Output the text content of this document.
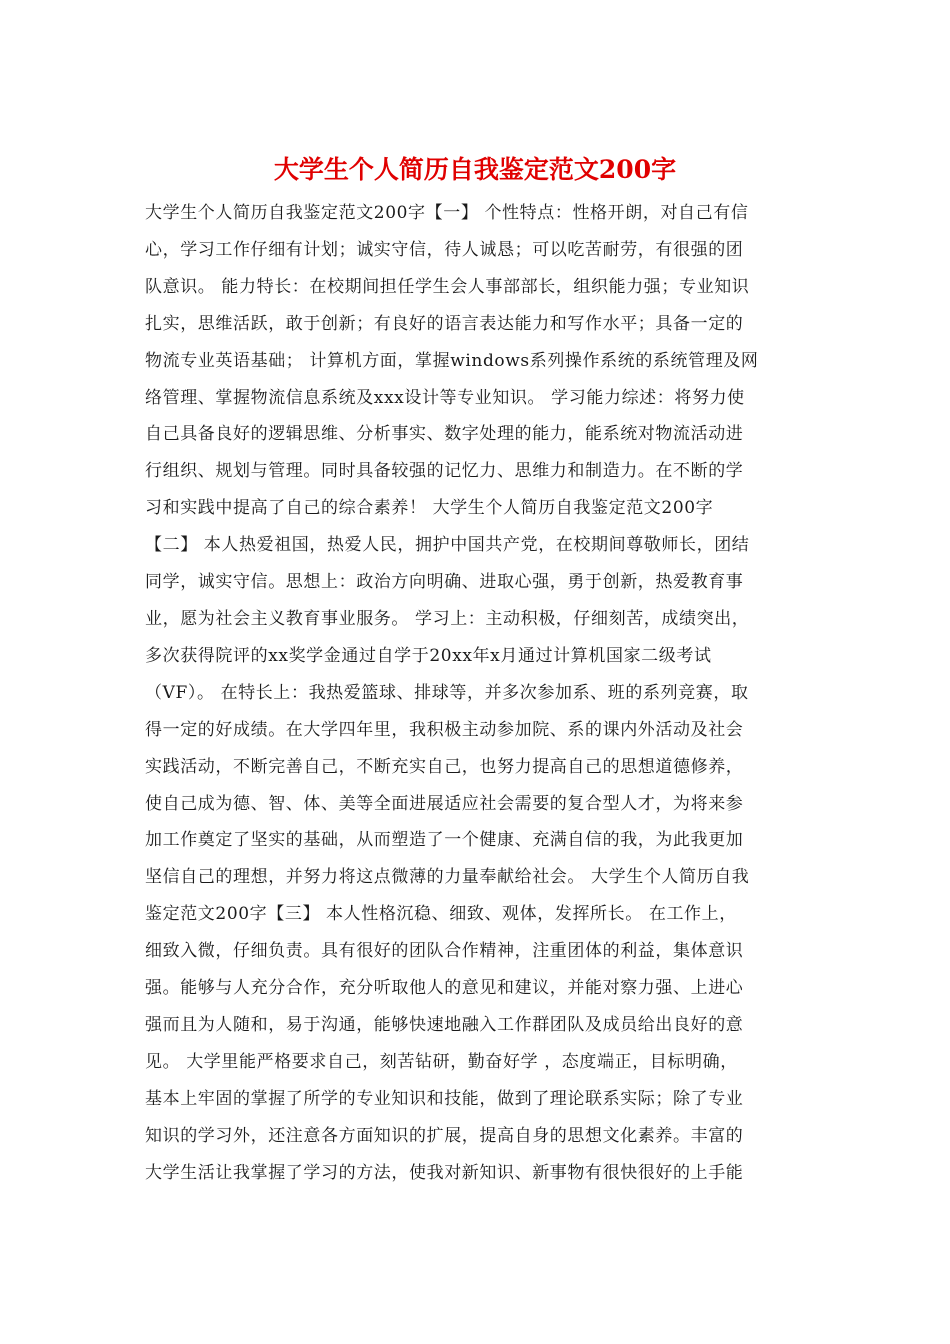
大学生个人简历自我鉴定范文200字
大学生个人简历自我鉴定范文200字【一】 个性特点：性格开朗，对自己有信
心，学习工作仔细有计划；诚实守信，待人诚恳；可以吃苦耐劳，有很强的团
队意识。 能力特长：在校期间担任学生会人事部部长，组织能力强；专业知识
扎实，思维活跃，敢于创新；有良好的语言表达能力和写作水平；具备一定的
物流专业英语基础； 计算机方面，掌握windows系列操作系统的系统管理及网
络管理、掌握物流信息系统及xxx设计等专业知识。 学习能力综述：将努力使
自己具备良好的逻辑思维、分析事实、数字处理的能力，能系统对物流活动进
行组织、规划与管理。同时具备较强的记忆力、思维力和制造力。在不断的学
习和实践中提高了自己的综合素养！ 大学生个人简历自我鉴定范文200字
【二】 本人热爱祖国，热爱人民，拥护中国共产党，在校期间尊敬师长，团结
同学，诚实守信。思想上：政治方向明确、进取心强，勇于创新，热爱教育事
业，愿为社会主义教育事业服务。 学习上：主动积极，仔细刻苦，成绩突出，
多次获得院评的xx奖学金通过自学于20xx年x月通过计算机国家二级考试
（VF）。 在特长上：我热爱篮球、排球等，并多次参加系、班的系列竞赛，取
得一定的好成绩。在大学四年里，我积极主动参加院、系的课内外活动及社会
实践活动，不断完善自己，不断充实自己，也努力提高自己的思想道德修养，
使自己成为德、智、体、美等全面进展适应社会需要的复合型人才，为将来参
加工作奠定了坚实的基础，从而塑造了一个健康、充满自信的我，为此我更加
坚信自己的理想，并努力将这点微薄的力量奉献给社会。 大学生个人简历自我
鉴定范文200字【三】 本人性格沉稳、细致、观体，发挥所长。 在工作上，
细致入微，仔细负责。具有很好的团队合作精神，注重团体的利益，集体意识
强。能够与人充分合作，充分听取他人的意见和建议，并能对察力强、上进心
强而且为人随和，易于沟通，能够快速地融入工作群团队及成员给出良好的意
见。 大学里能严格要求自己，刻苦钻研，勤奋好学 ，态度端正，目标明确，
基本上牢固的掌握了所学的专业知识和技能，做到了理论联系实际；除了专业
知识的学习外，还注意各方面知识的扩展，提高自身的思想文化素养。丰富的
大学生活让我掌握了学习的方法，使我对新知识、新事物有很快很好的上手能
